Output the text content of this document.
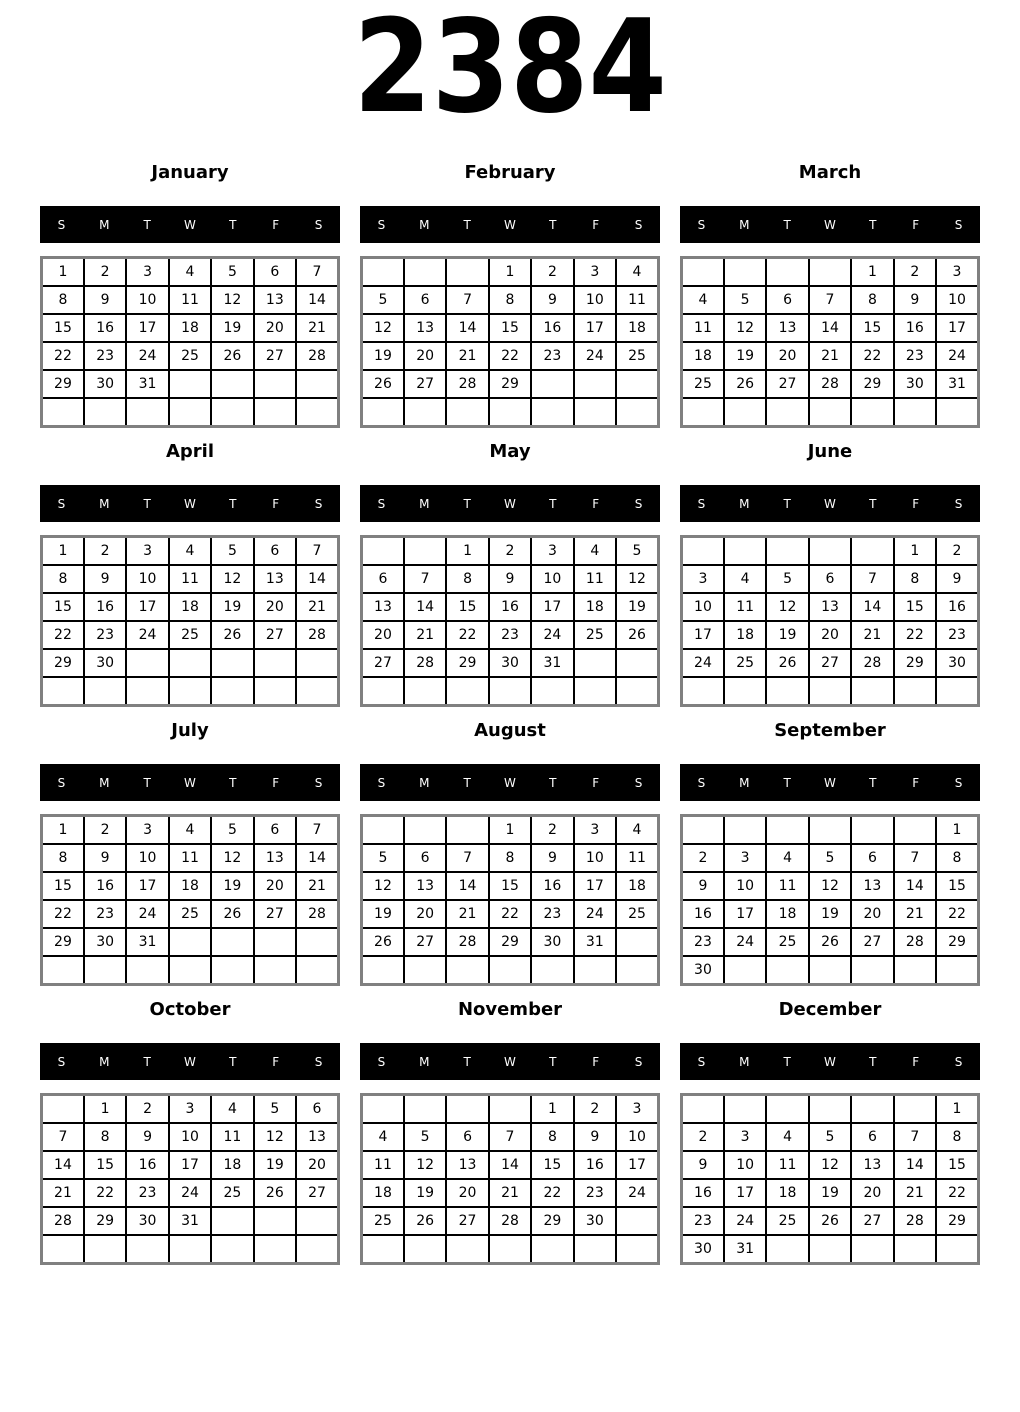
2384
January
S	M	T	W	T	F	S
1	2	3	4	5	6	7
8	9	10	11	12	13	14
15	16	17	18	19	20	21
22	23	24	25	26	27	28
29	30	31				

February
S	M	T	W	T	F	S
			1	2	3	4
5	6	7	8	9	10	11
12	13	14	15	16	17	18
19	20	21	22	23	24	25
26	27	28	29			

March
S	M	T	W	T	F	S
				1	2	3
4	5	6	7	8	9	10
11	12	13	14	15	16	17
18	19	20	21	22	23	24
25	26	27	28	29	30	31

April
S	M	T	W	T	F	S
1	2	3	4	5	6	7
8	9	10	11	12	13	14
15	16	17	18	19	20	21
22	23	24	25	26	27	28
29	30					

May
S	M	T	W	T	F	S
		1	2	3	4	5
6	7	8	9	10	11	12
13	14	15	16	17	18	19
20	21	22	23	24	25	26
27	28	29	30	31		

June
S	M	T	W	T	F	S
					1	2
3	4	5	6	7	8	9
10	11	12	13	14	15	16
17	18	19	20	21	22	23
24	25	26	27	28	29	30

July
S	M	T	W	T	F	S
1	2	3	4	5	6	7
8	9	10	11	12	13	14
15	16	17	18	19	20	21
22	23	24	25	26	27	28
29	30	31				

August
S	M	T	W	T	F	S
			1	2	3	4
5	6	7	8	9	10	11
12	13	14	15	16	17	18
19	20	21	22	23	24	25
26	27	28	29	30	31	

September
S	M	T	W	T	F	S
						1
2	3	4	5	6	7	8
9	10	11	12	13	14	15
16	17	18	19	20	21	22
23	24	25	26	27	28	29
30						
October
S	M	T	W	T	F	S
	1	2	3	4	5	6
7	8	9	10	11	12	13
14	15	16	17	18	19	20
21	22	23	24	25	26	27
28	29	30	31			

November
S	M	T	W	T	F	S
				1	2	3
4	5	6	7	8	9	10
11	12	13	14	15	16	17
18	19	20	21	22	23	24
25	26	27	28	29	30	

December
S	M	T	W	T	F	S
						1
2	3	4	5	6	7	8
9	10	11	12	13	14	15
16	17	18	19	20	21	22
23	24	25	26	27	28	29
30	31					
